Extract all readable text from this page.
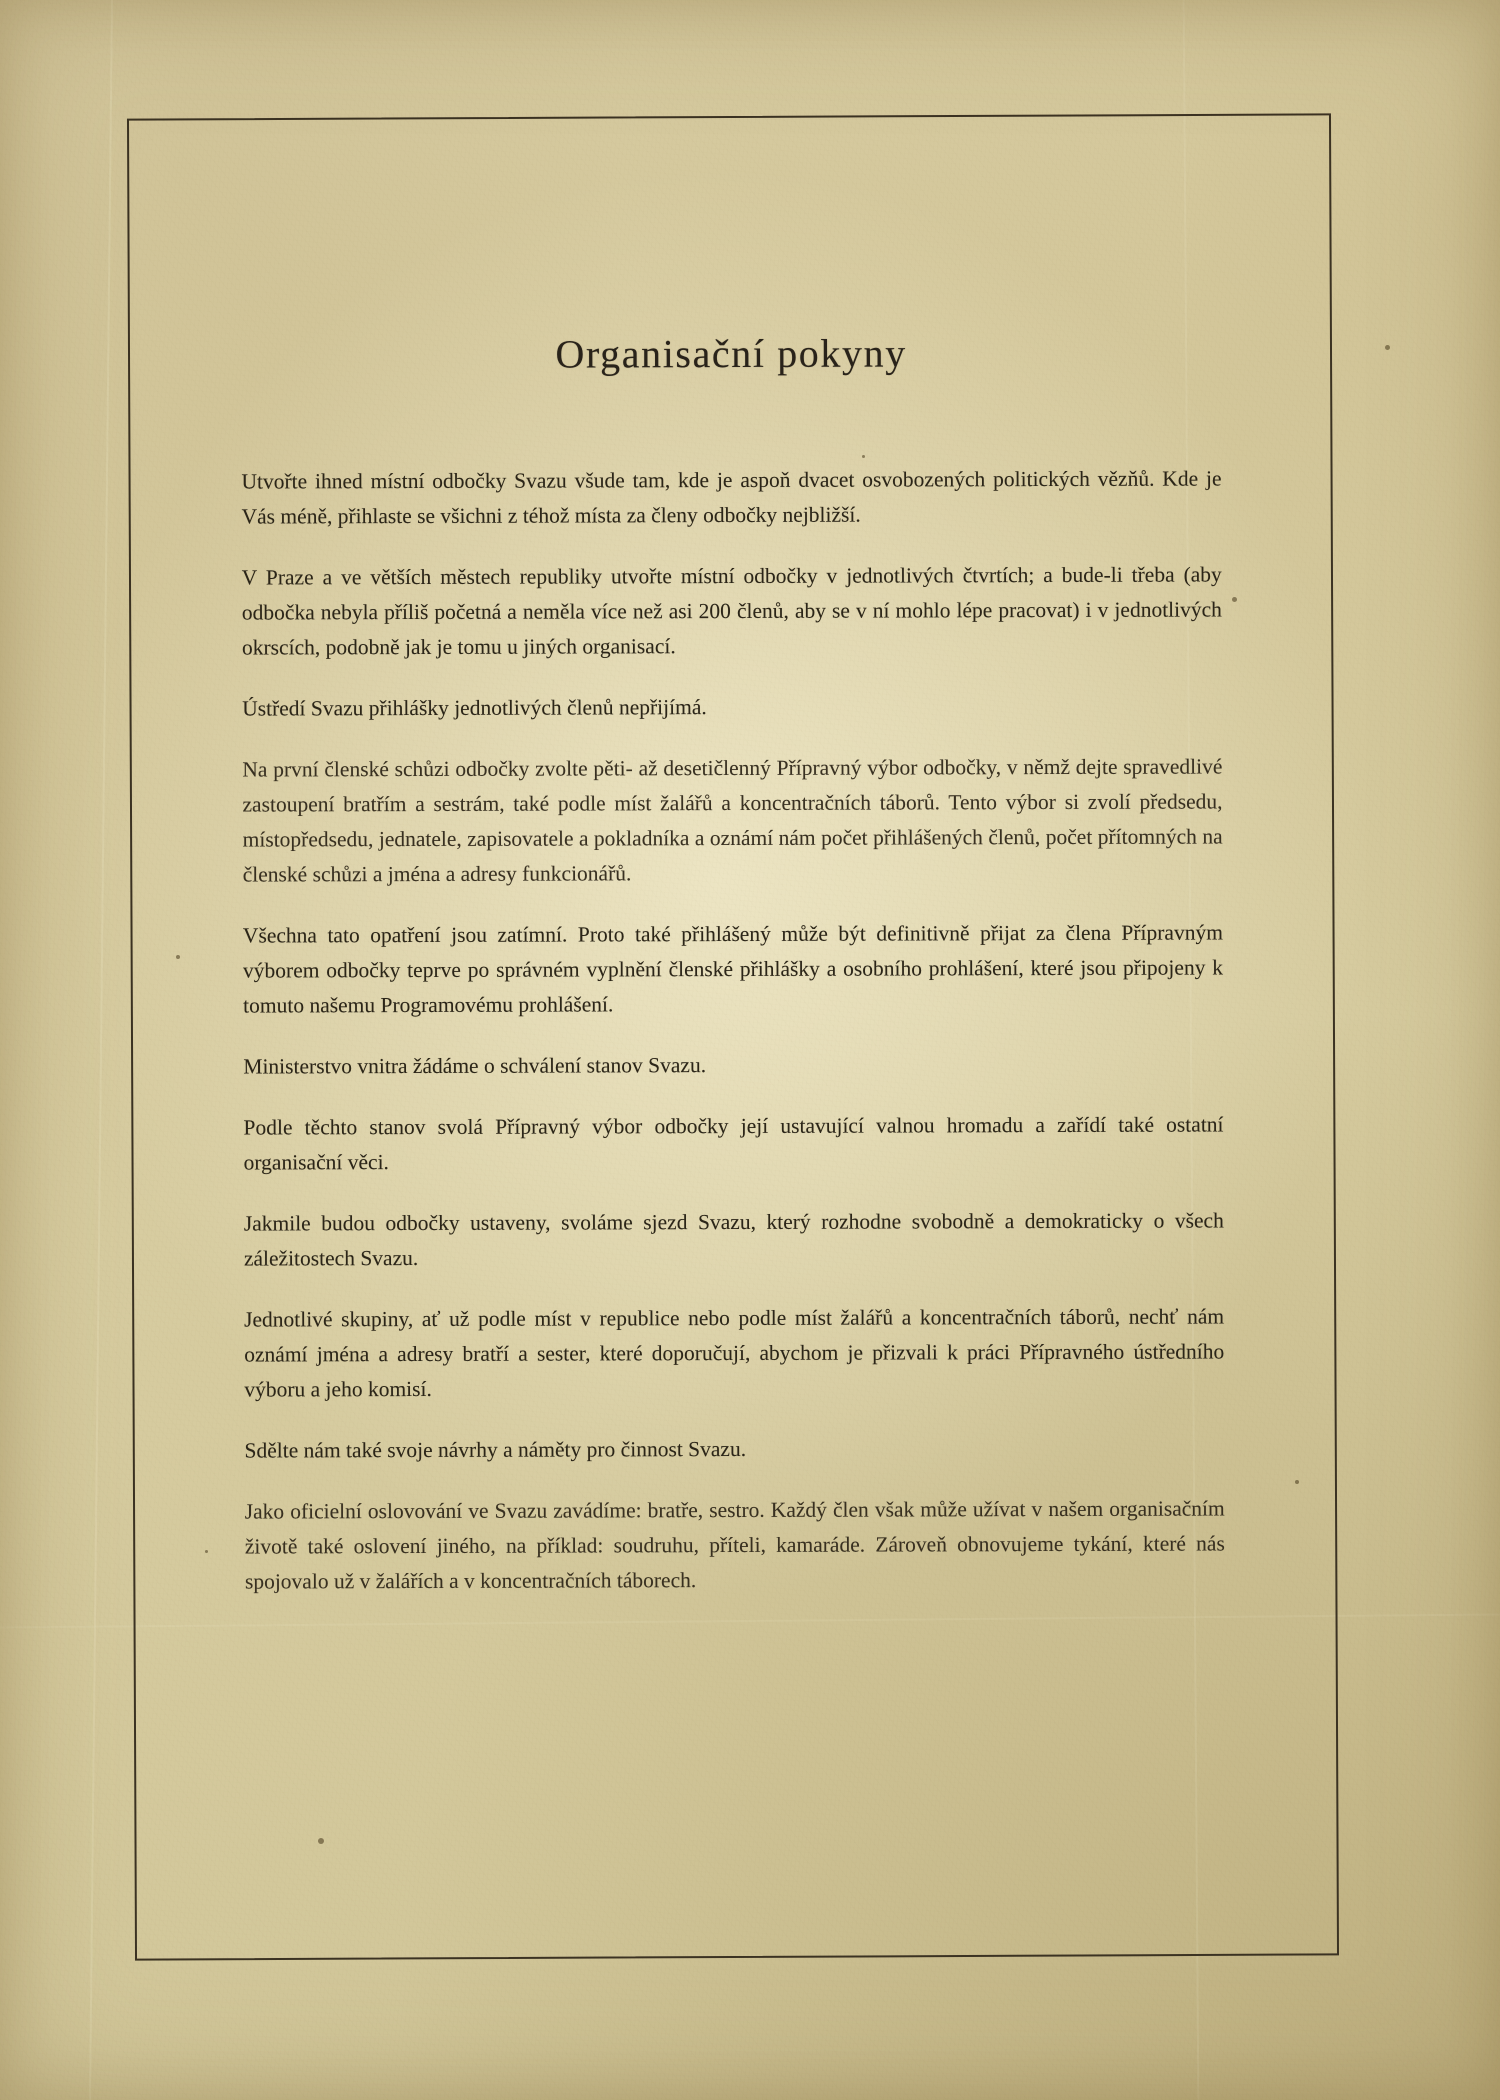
Organisační pokyny

Utvořte ihned místní odbočky Svazu všude tam, kde je aspoň dvacet osvobozených politických vězňů. Kde je Vás méně, přihlaste se všichni z téhož místa za členy odbočky nejbližší.

V Praze a ve větších městech republiky utvořte místní odbočky v jednotlivých čtvrtích; a bude-li třeba (aby odbočka nebyla příliš početná a neměla více než asi 200 členů, aby se v ní mohlo lépe pracovat) i v jednotlivých okrscích, podobně jak je tomu u jiných organisací.

Ústředí Svazu přihlášky jednotlivých členů nepřijímá.

Na první členské schůzi odbočky zvolte pěti- až desetičlenný Přípravný výbor odbočky, v němž dejte spravedlivé zastoupení bratřím a sestrám, také podle míst žalářů a koncentračních táborů. Tento výbor si zvolí předsedu, místopředsedu, jednatele, zapisovatele a pokladníka a oznámí nám počet přihlášených členů, počet přítomných na členské schůzi a jména a adresy funkcionářů.

Všechna tato opatření jsou zatímní. Proto také přihlášený může být definitivně přijat za člena Přípravným výborem odbočky teprve po správném vyplnění členské přihlášky a osobního prohlášení, které jsou připojeny k tomuto našemu Programovému prohlášení.

Ministerstvo vnitra žádáme o schválení stanov Svazu.

Podle těchto stanov svolá Přípravný výbor odbočky její ustavující valnou hromadu a zařídí také ostatní organisační věci.

Jakmile budou odbočky ustaveny, svoláme sjezd Svazu, který rozhodne svobodně a demokraticky o všech záležitostech Svazu.

Jednotlivé skupiny, ať už podle míst v republice nebo podle míst žalářů a koncentračních táborů, nechť nám oznámí jména a adresy bratří a sester, které doporučují, abychom je přizvali k práci Přípravného ústředního výboru a jeho komisí.

Sdělte nám také svoje návrhy a náměty pro činnost Svazu.

Jako oficielní oslovování ve Svazu zavádíme: bratře, sestro. Každý člen však může užívat v našem organisačním životě také oslovení jiného, na příklad: soudruhu, příteli, kamaráde. Zároveň obnovujeme tykání, které nás spojovalo už v žalářích a v koncentračních táborech.
